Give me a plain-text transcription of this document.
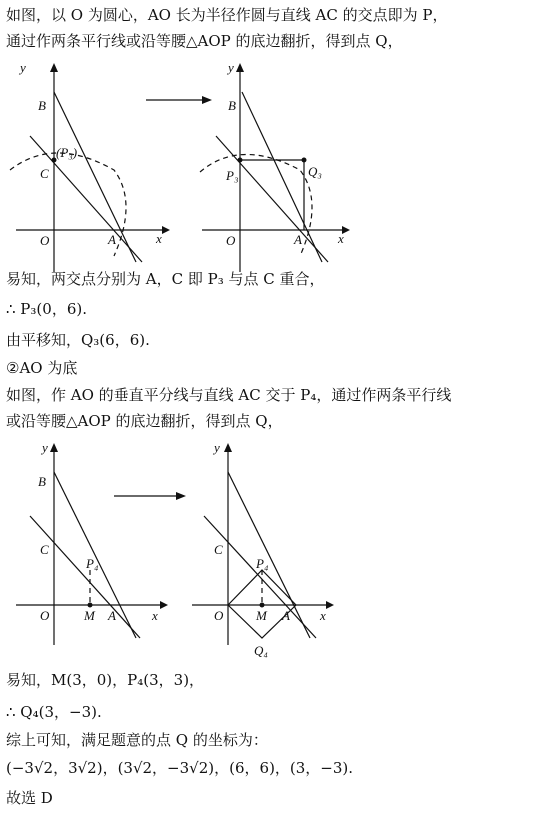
如图，以 O 为圆心，AO 长为半径作圆与直线 AC 的交点即为 P，
通过作两条平行线或沿等腰△AOP 的底边翻折，得到点 Q，
y
x
O	A
B
C
(P₃)
y
x
O	A
B
P₃	Q₃
易知，两交点分别为 A，C 即 P₃ 与点 C 重合，
∴ P₃(0，6).
由平移知，Q₃(6，6).
②AO 为底
如图，作 AO 的垂直平分线与直线 AC 交于 P₄，通过作两条平行线
或沿等腰△AOP 的底边翻折，得到点 Q，
y
x
O	A
M
B
C
P₄
y
x
O	A
M
C
P₄
Q₄
易知，M(3，0)，P₄(3，3)，
∴ Q₄(3，−3).
综上可知，满足题意的点 Q 的坐标为：
(−3√2，3√2)，(3√2，−3√2)，(6，6)，(3，−3).
故选 D
